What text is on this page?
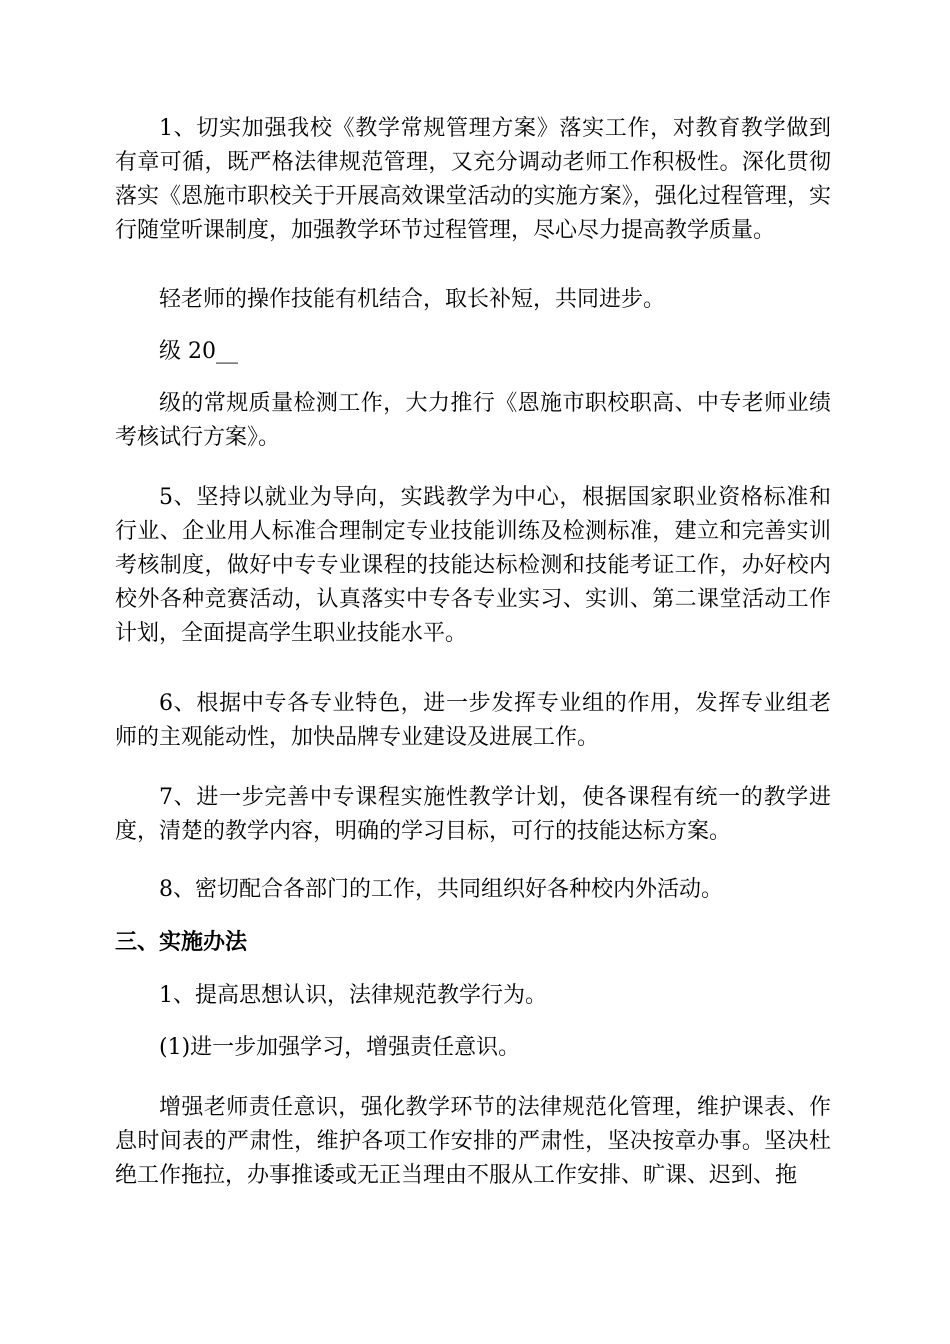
1、切实加强我校《教学常规管理方案》落实工作，对教育教学做到有章可循，既严格法律规范管理，又充分调动老师工作积极性。深化贯彻落实《恩施市职校关于开展高效课堂活动的实施方案》，强化过程管理，实行随堂听课制度，加强教学环节过程管理，尽心尽力提高教学质量。

轻老师的操作技能有机结合，取长补短，共同进步。

级 20__

级的常规质量检测工作，大力推行《恩施市职校职高、中专老师业绩考核试行方案》。

5、坚持以就业为导向，实践教学为中心，根据国家职业资格标准和行业、企业用人标准合理制定专业技能训练及检测标准，建立和完善实训考核制度，做好中专专业课程的技能达标检测和技能考证工作，办好校内校外各种竞赛活动，认真落实中专各专业实习、实训、第二课堂活动工作计划，全面提高学生职业技能水平。

6、根据中专各专业特色，进一步发挥专业组的作用，发挥专业组老师的主观能动性，加快品牌专业建设及进展工作。

7、进一步完善中专课程实施性教学计划，使各课程有统一的教学进度，清楚的教学内容，明确的学习目标，可行的技能达标方案。

8、密切配合各部门的工作，共同组织好各种校内外活动。

三、实施办法

1、提高思想认识，法律规范教学行为。

(1)进一步加强学习，增强责任意识。

增强老师责任意识，强化教学环节的法律规范化管理，维护课表、作息时间表的严肃性，维护各项工作安排的严肃性，坚决按章办事。坚决杜绝工作拖拉，办事推诿或无正当理由不服从工作安排、旷课、迟到、拖
